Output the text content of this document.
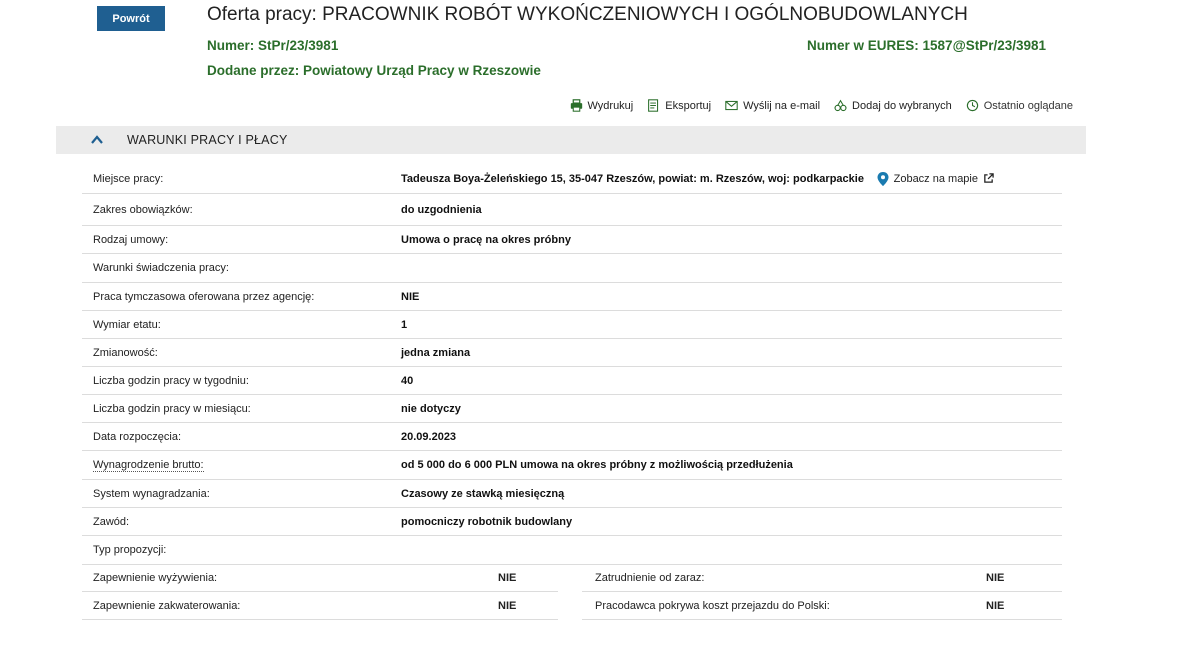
Powrót	Oferta pracy: PRACOWNIK ROBÓT WYKOŃCZENIOWYCH I OGÓLNOBUDOWLANYCH
Numer: StPr/23/3981	Numer w EURES: 1587@StPr/23/3981
Dodane przez: Powiatowy Urząd Pracy w Rzeszowie
Wydrukuj	Eksportuj	Wyślij na e-mail	Dodaj do wybranych	Ostatnio oglądane
WARUNKI PRACY I PŁACY
Miejsce pracy:	Tadeusza Boya-Żeleńskiego 15, 35-047 Rzeszów, powiat: m. Rzeszów, woj: podkarpackie	Zobacz na mapie
Zakres obowiązków:	do uzgodnienia
Rodzaj umowy:	Umowa o pracę na okres próbny
Warunki świadczenia pracy:
Praca tymczasowa oferowana przez agencję:	NIE
Wymiar etatu:	1
Zmianowość:	jedna zmiana
Liczba godzin pracy w tygodniu:	40
Liczba godzin pracy w miesiącu:	nie dotyczy
Data rozpoczęcia:	20.09.2023
Wynagrodzenie brutto:	od 5 000 do 6 000 PLN umowa na okres próbny z możliwością przedłużenia
System wynagradzania:	Czasowy ze stawką miesięczną
Zawód:	pomocniczy robotnik budowlany
Typ propozycji:
Zapewnienie wyżywienia:	NIE	Zatrudnienie od zaraz:	NIE
Zapewnienie zakwaterowania:	NIE	Pracodawca pokrywa koszt przejazdu do Polski:	NIE
